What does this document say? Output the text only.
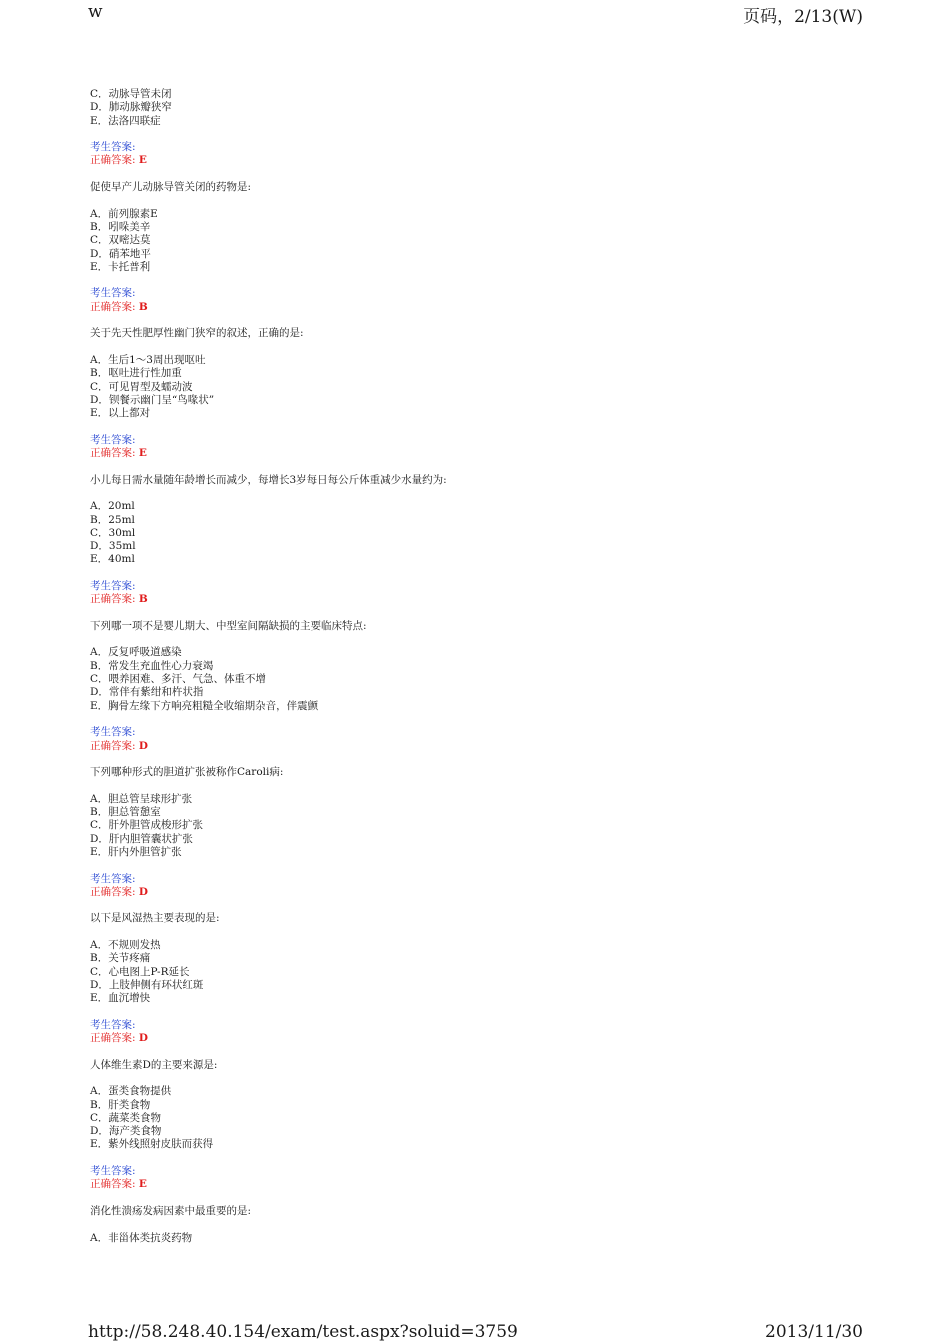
w	页码，2/13(W)
C．动脉导管未闭
D．肺动脉瓣狭窄
E．法洛四联症
考生答案:
正确答案: E
促使早产儿动脉导管关闭的药物是:
A．前列腺素E
B．吲哚美辛
C．双嘧达莫
D．硝苯地平
E．卡托普利
考生答案:
正确答案: B
关于先天性肥厚性幽门狭窄的叙述，正确的是:
A．生后1～3周出现呕吐
B．呕吐进行性加重
C．可见胃型及蠕动波
D．钡餐示幽门呈“鸟喙状”
E．以上都对
考生答案:
正确答案: E
小儿每日需水量随年龄增长而减少，每增长3岁每日每公斤体重减少水量约为:
A．20ml
B．25ml
C．30ml
D．35ml
E．40ml
考生答案:
正确答案: B
下列哪一项不是婴儿期大、中型室间隔缺损的主要临床特点:
A．反复呼吸道感染
B．常发生充血性心力衰竭
C．喂养困难、多汗、气急、体重不增
D．常伴有紫绀和杵状指
E．胸骨左缘下方响亮粗糙全收缩期杂音，伴震颤
考生答案:
正确答案: D
下列哪种形式的胆道扩张被称作Caroli病:
A．胆总管呈球形扩张
B．胆总管憩室
C．肝外胆管成梭形扩张
D．肝内胆管囊状扩张
E．肝内外胆管扩张
考生答案:
正确答案: D
以下是风湿热主要表现的是:
A．不规则发热
B．关节疼痛
C．心电图上P-R延长
D．上肢伸侧有环状红斑
E．血沉增快
考生答案:
正确答案: D
人体维生素D的主要来源是:
A．蛋类食物提供
B．肝类食物
C．蔬菜类食物
D．海产类食物
E．紫外线照射皮肤而获得
考生答案:
正确答案: E
消化性溃疡发病因素中最重要的是:
A．非甾体类抗炎药物
http://58.248.40.154/exam/test.aspx?soluid=3759	2013/11/30
